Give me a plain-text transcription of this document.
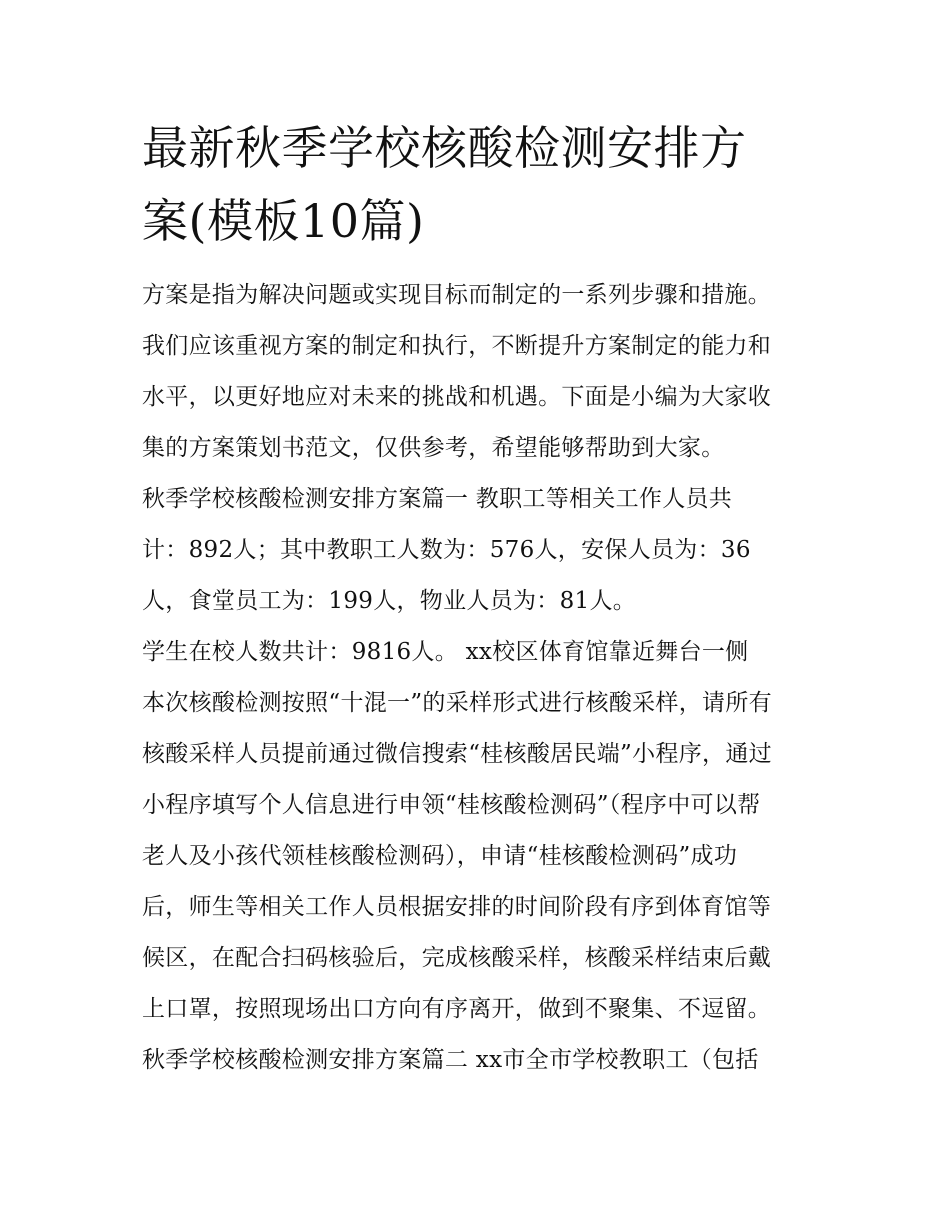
最新秋季学校核酸检测安排方
案(模板10篇)
方案是指为解决问题或实现目标而制定的一系列步骤和措施。
我们应该重视方案的制定和执行，不断提升方案制定的能力和
水平，以更好地应对未来的挑战和机遇。下面是小编为大家收
集的方案策划书范文，仅供参考，希望能够帮助到大家。
秋季学校核酸检测安排方案篇一 教职工等相关工作人员共
计：892人；其中教职工人数为：576人，安保人员为：36
人，食堂员工为：199人，物业人员为：81人。
学生在校人数共计：9816人。 xx校区体育馆靠近舞台一侧
本次核酸检测按照“十混一”的采样形式进行核酸采样，请所有
核酸采样人员提前通过微信搜索“桂核酸居民端”小程序，通过
小程序填写个人信息进行申领“桂核酸检测码”（程序中可以帮
老人及小孩代领桂核酸检测码），申请“桂核酸检测码”成功
后，师生等相关工作人员根据安排的时间阶段有序到体育馆等
候区，在配合扫码核验后，完成核酸采样，核酸采样结束后戴
上口罩，按照现场出口方向有序离开，做到不聚集、不逗留。
秋季学校核酸检测安排方案篇二 xx市全市学校教职工（包括
